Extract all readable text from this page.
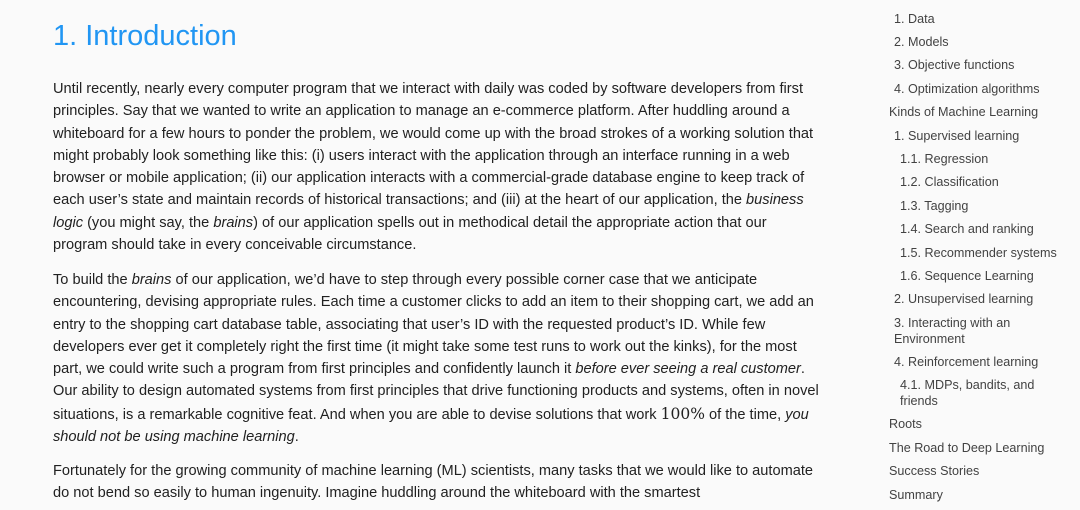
1. Introduction

Until recently, nearly every computer program that we interact with daily was coded by software developers from first principles. Say that we wanted to write an application to manage an e-commerce platform. After huddling around a whiteboard for a few hours to ponder the problem, we would come up with the broad strokes of a working solution that might probably look something like this: (i) users interact with the application through an interface running in a web browser or mobile application; (ii) our application interacts with a commercial-grade database engine to keep track of each user’s state and maintain records of historical transactions; and (iii) at the heart of our application, the business logic (you might say, the brains) of our application spells out in methodical detail the appropriate action that our program should take in every conceivable circumstance.

To build the brains of our application, we’d have to step through every possible corner case that we anticipate encountering, devising appropriate rules. Each time a customer clicks to add an item to their shopping cart, we add an entry to the shopping cart database table, associating that user’s ID with the requested product’s ID. While few developers ever get it completely right the first time (it might take some test runs to work out the kinks), for the most part, we could write such a program from first principles and confidently launch it before ever seeing a real customer. Our ability to design automated systems from first principles that drive functioning products and systems, often in novel situations, is a remarkable cognitive feat. And when you are able to devise solutions that work 100% of the time, you should not be using machine learning.

Fortunately for the growing community of machine learning (ML) scientists, many tasks that we would like to automate do not bend so easily to human ingenuity. Imagine huddling around the whiteboard with the smartest

1. Data
2. Models
3. Objective functions
4. Optimization algorithms
Kinds of Machine Learning
1. Supervised learning
1.1. Regression
1.2. Classification
1.3. Tagging
1.4. Search and ranking
1.5. Recommender systems
1.6. Sequence Learning
2. Unsupervised learning
3. Interacting with an Environment
4. Reinforcement learning
4.1. MDPs, bandits, and friends
Roots
The Road to Deep Learning
Success Stories
Summary
